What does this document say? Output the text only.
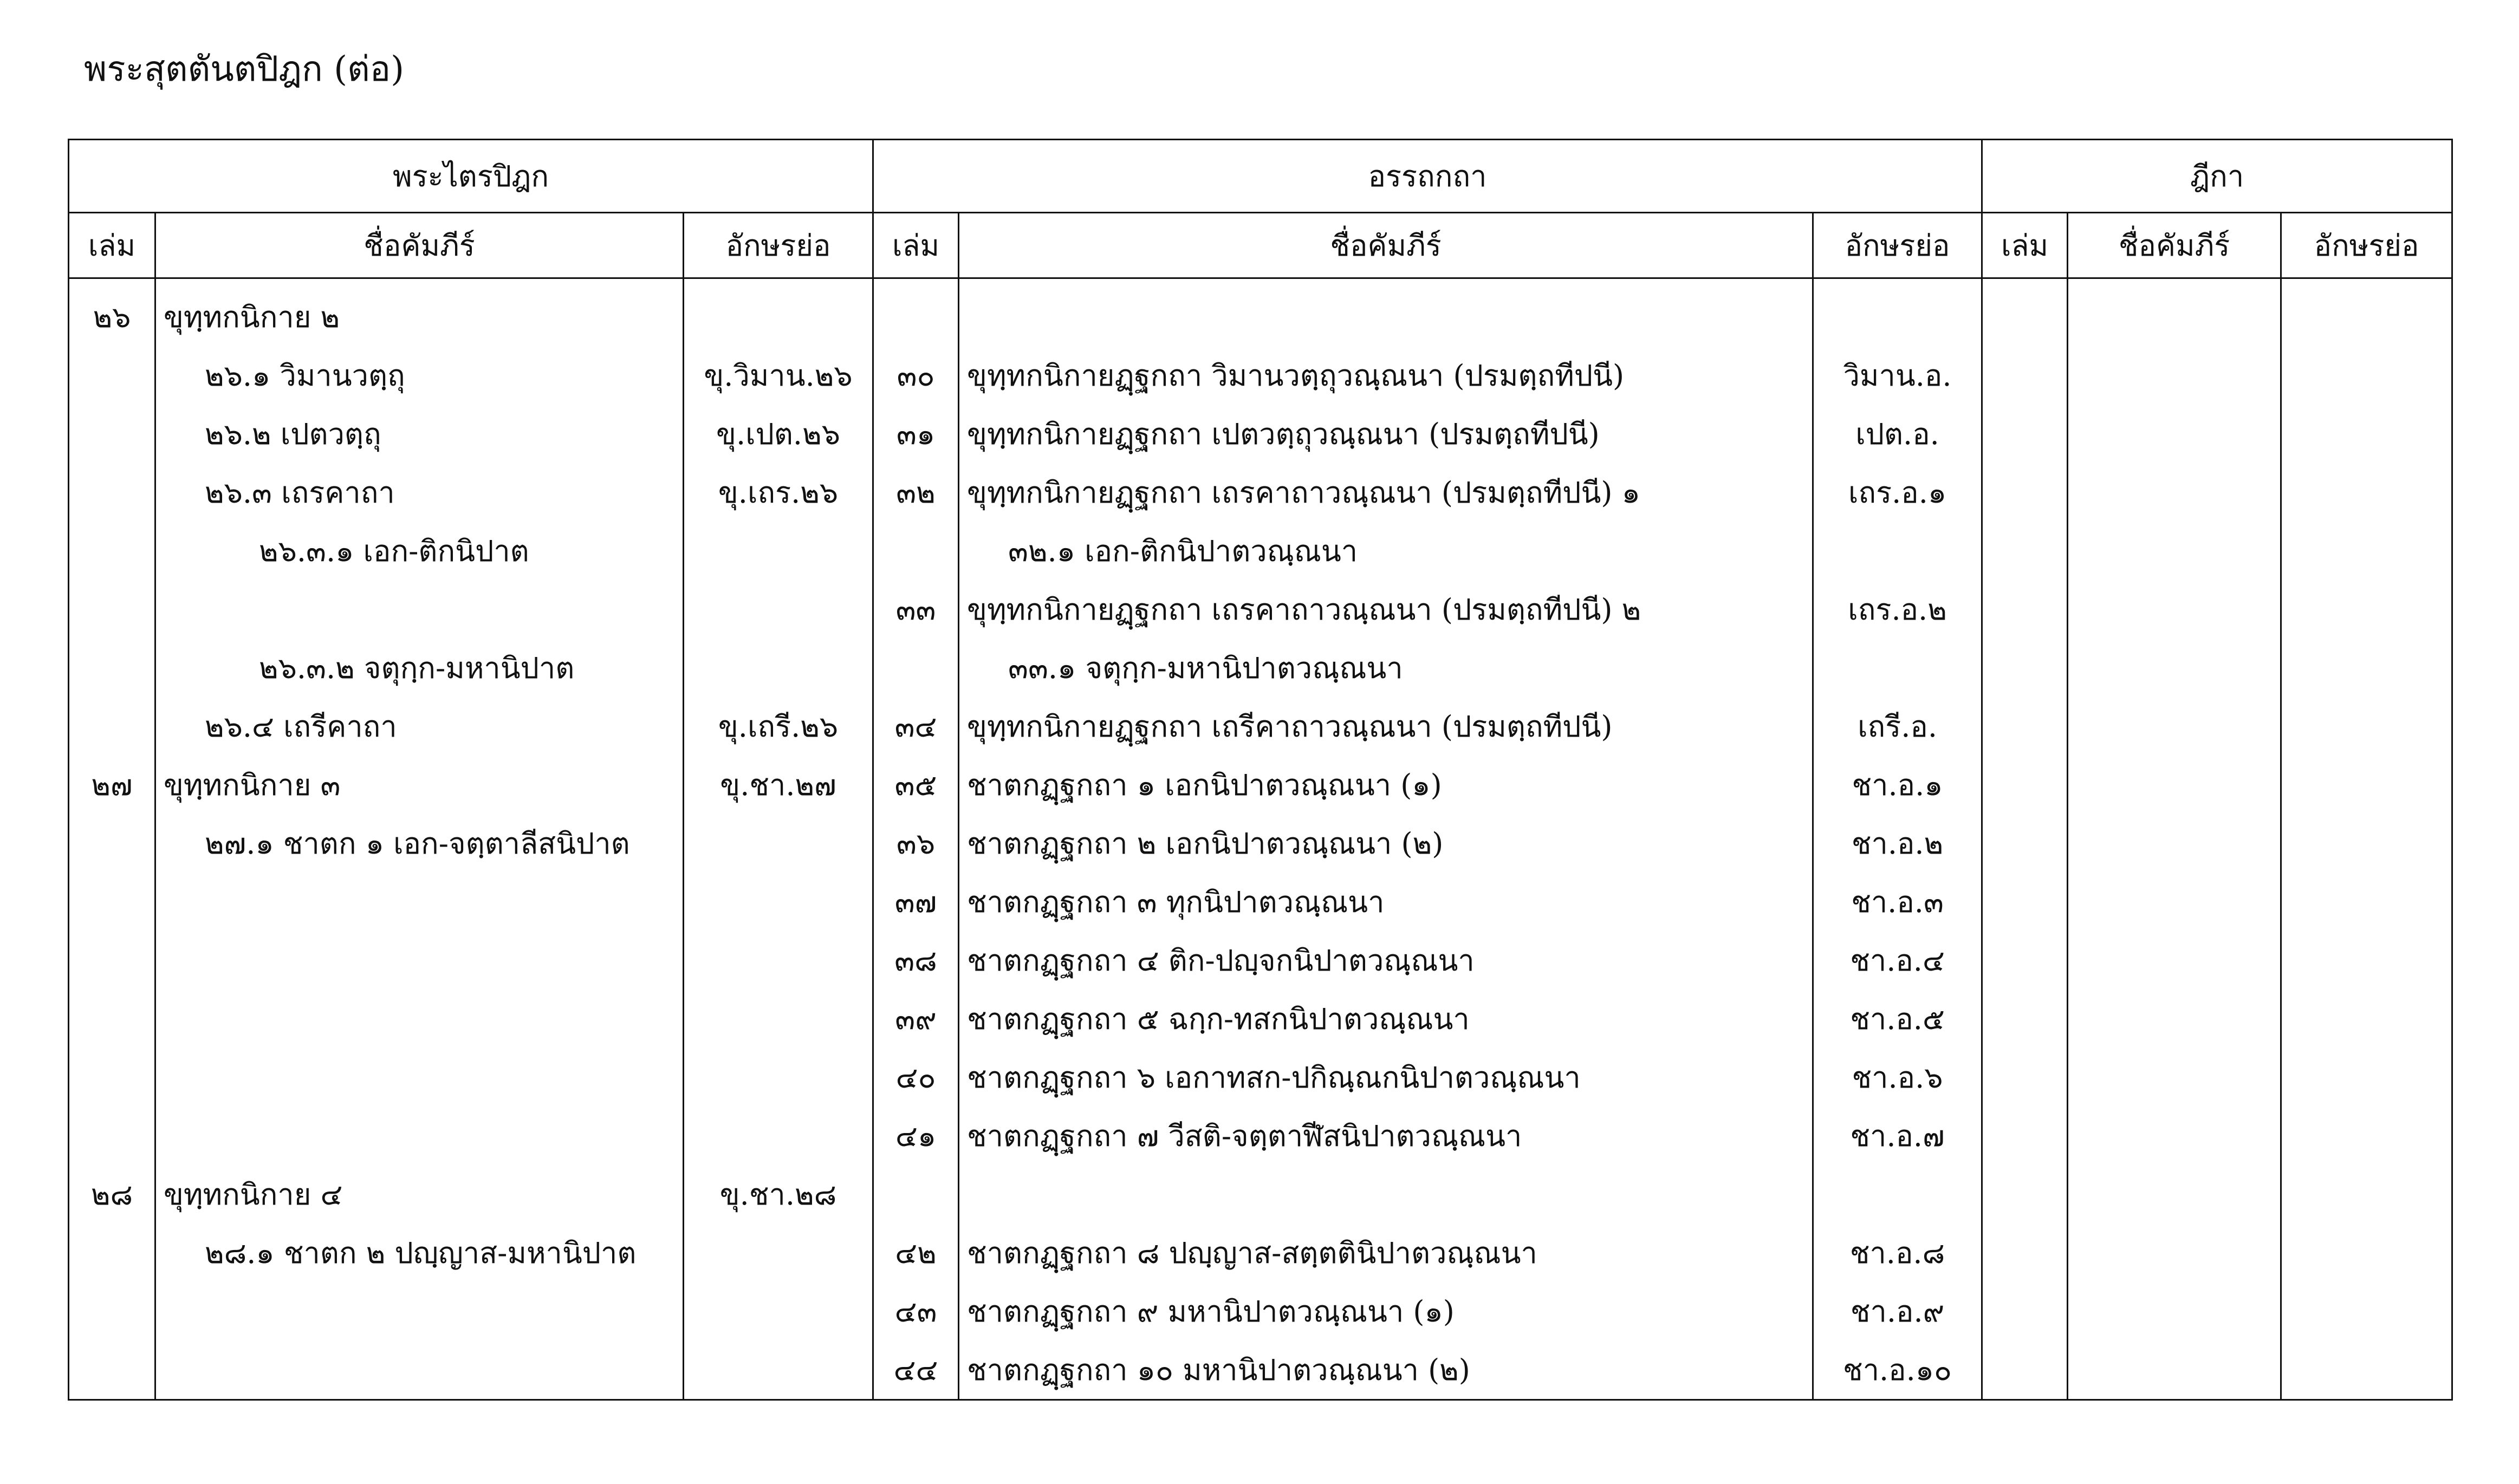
พระสุตตันตปิฎก (ต่อ)
พระไตรปิฎก			อรรถกถา			ฎีกา		
เล่ม	ชื่อคัมภีร์	อักษรย่อ	เล่ม	ชื่อคัมภีร์	อักษรย่อ	เล่ม	ชื่อคัมภีร์	อักษรย่อ
๒๖	ขุทฺทกนิกาย ๒							
	๒๖.๑ วิมานวตฺถุ	ขุ.วิมาน.๒๖	๓๐	ขุทฺทกนิกายฏฺฐกถา วิมานวตฺถุวณฺณนา (ปรมตฺถทีปนี)	วิมาน.อ.			
	๒๖.๒ เปตวตฺถุ	ขุ.เปต.๒๖	๓๑	ขุทฺทกนิกายฏฺฐกถา เปตวตฺถุวณฺณนา (ปรมตฺถทีปนี)	เปต.อ.			
	๒๖.๓ เถรคาถา	ขุ.เถร.๒๖	๓๒	ขุทฺทกนิกายฏฺฐกถา เถรคาถาวณฺณนา (ปรมตฺถทีปนี) ๑	เถร.อ.๑			
	๒๖.๓.๑ เอก-ติกนิปาต			๓๒.๑ เอก-ติกนิปาตวณฺณนา				
			๓๓	ขุทฺทกนิกายฏฺฐกถา เถรคาถาวณฺณนา (ปรมตฺถทีปนี) ๒	เถร.อ.๒			
	๒๖.๓.๒ จตุกฺก-มหานิปาต			๓๓.๑ จตุกฺก-มหานิปาตวณฺณนา				
	๒๖.๔ เถรีคาถา	ขุ.เถรี.๒๖	๓๔	ขุทฺทกนิกายฏฺฐกถา เถรีคาถาวณฺณนา (ปรมตฺถทีปนี)	เถรี.อ.			
๒๗	ขุทฺทกนิกาย ๓	ขุ.ชา.๒๗	๓๕	ชาตกฏฺฐกถา ๑ เอกนิปาตวณฺณนา (๑)	ชา.อ.๑			
	๒๗.๑ ชาตก ๑ เอก-จตฺตาลีสนิปาต		๓๖	ชาตกฏฺฐกถา ๒ เอกนิปาตวณฺณนา (๒)	ชา.อ.๒			
			๓๗	ชาตกฏฺฐกถา ๓ ทุกนิปาตวณฺณนา	ชา.อ.๓			
			๓๘	ชาตกฏฺฐกถา ๔ ติก-ปญฺจกนิปาตวณฺณนา	ชา.อ.๔			
			๓๙	ชาตกฏฺฐกถา ๕ ฉกฺก-ทสกนิปาตวณฺณนา	ชา.อ.๕			
			๔๐	ชาตกฏฺฐกถา ๖ เอกาทสก-ปกิณฺณกนิปาตวณฺณนา	ชา.อ.๖			
			๔๑	ชาตกฏฺฐกถา ๗ วีสติ-จตฺตาฬีสนิปาตวณฺณนา	ชา.อ.๗			
๒๘	ขุทฺทกนิกาย ๔	ขุ.ชา.๒๘						
	๒๘.๑ ชาตก ๒ ปญฺญาส-มหานิปาต		๔๒	ชาตกฏฺฐกถา ๘ ปญฺญาส-สตฺตตินิปาตวณฺณนา	ชา.อ.๘			
			๔๓	ชาตกฏฺฐกถา ๙ มหานิปาตวณฺณนา (๑)	ชา.อ.๙			
			๔๔	ชาตกฏฺฐกถา ๑๐ มหานิปาตวณฺณนา (๒)	ชา.อ.๑๐			
